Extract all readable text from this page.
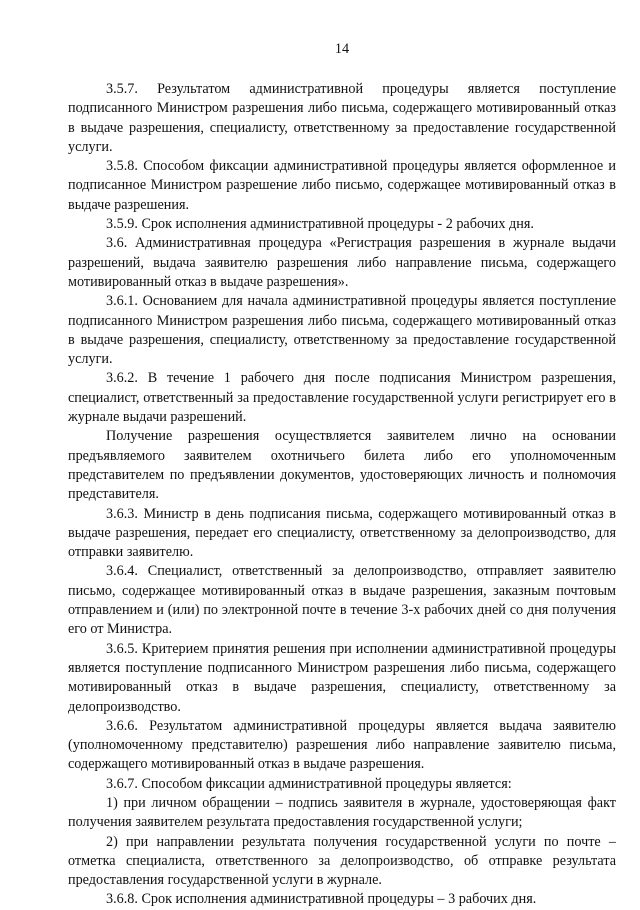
14

3.5.7. Результатом административной процедуры является поступление подписанного Министром разрешения либо письма, содержащего мотивированный отказ в выдаче разрешения, специалисту, ответственному за предоставление государственной услуги.

3.5.8. Способом фиксации административной процедуры является оформленное и подписанное Министром разрешение либо письмо, содержащее мотивированный отказ в выдаче разрешения.

3.5.9. Срок исполнения административной процедуры - 2 рабочих дня.

3.6. Административная процедура «Регистрация разрешения в журнале выдачи разрешений, выдача заявителю разрешения либо направление письма, содержащего мотивированный отказ в выдаче разрешения».

3.6.1. Основанием для начала административной процедуры является поступление подписанного Министром разрешения либо письма, содержащего мотивированный отказ в выдаче разрешения, специалисту, ответственному за предоставление государственной услуги.

3.6.2. В течение 1 рабочего дня после подписания Министром разрешения, специалист, ответственный за предоставление государственной услуги регистрирует его в журнале выдачи разрешений.

Получение разрешения осуществляется заявителем лично на основании предъявляемого заявителем охотничьего билета либо его уполномоченным представителем по предъявлении документов, удостоверяющих личность и полномочия представителя.

3.6.3. Министр в день подписания письма, содержащего мотивированный отказ в выдаче разрешения, передает его специалисту, ответственному за делопроизводство, для отправки заявителю.

3.6.4. Специалист, ответственный за делопроизводство, отправляет заявителю письмо, содержащее мотивированный отказ в выдаче разрешения, заказным почтовым отправлением и (или) по электронной почте в течение 3-х рабочих дней со дня получения его от Министра.

3.6.5. Критерием принятия решения при исполнении административной процедуры является поступление подписанного Министром разрешения либо письма, содержащего мотивированный отказ в выдаче разрешения, специалисту, ответственному за делопроизводство.

3.6.6. Результатом административной процедуры является выдача заявителю (уполномоченному представителю) разрешения либо направление заявителю письма, содержащего мотивированный отказ в выдаче разрешения.

3.6.7. Способом фиксации административной процедуры является:

1) при личном обращении – подпись заявителя в журнале, удостоверяющая факт получения заявителем результата предоставления государственной услуги;

2) при направлении результата получения государственной услуги по почте – отметка специалиста, ответственного за делопроизводство, об отправке результата предоставления государственной услуги в журнале.

3.6.8. Срок исполнения административной процедуры – 3 рабочих дня.
